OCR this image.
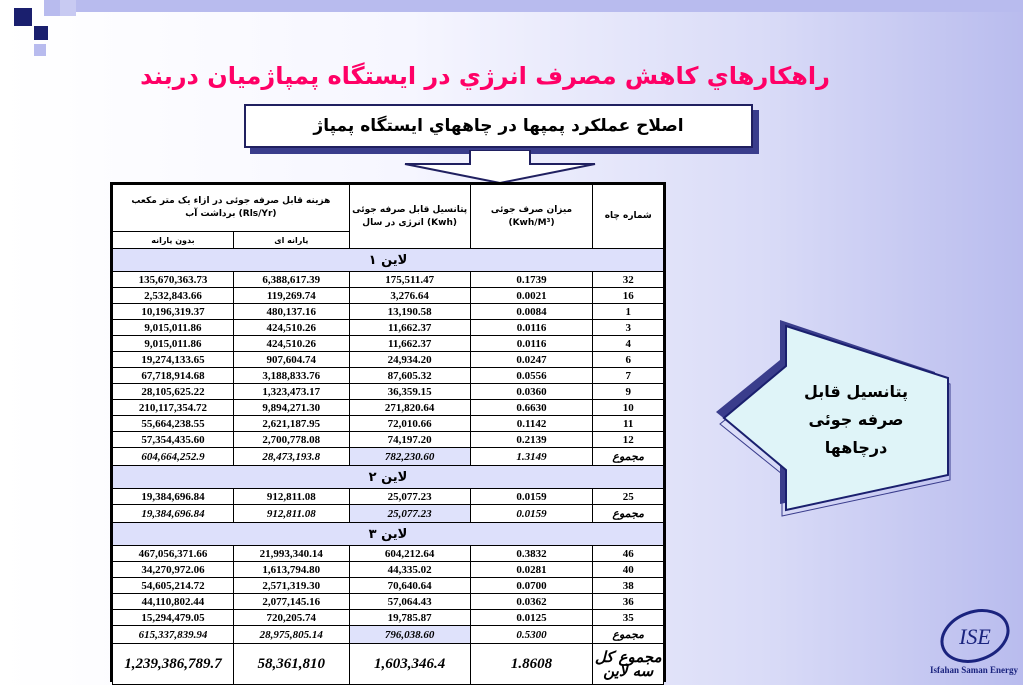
راهكارهاي كاهش مصرف انرژي در ايستگاه پمپاژميان دربند
اصلاح عملكرد پمپها در چاههاي ايستگاه پمپاژ
هزینه قابل صرفه جوئی در ازاء یک متر مکعب برداشت آب (Rls/Yr)		پتانسیل قابل صرفه جوئی انرژی در سال (Kwh)	میزان صرف جوئی (Kwh/M³)	شماره چاه
بدون یارانه	یارانه ای			
لاین ۱				
135,670,363.73	6,388,617.39	175,511.47	0.1739	32
2,532,843.66	119,269.74	3,276.64	0.0021	16
10,196,319.37	480,137.16	13,190.58	0.0084	1
9,015,011.86	424,510.26	11,662.37	0.0116	3
9,015,011.86	424,510.26	11,662.37	0.0116	4
19,274,133.65	907,604.74	24,934.20	0.0247	6
67,718,914.68	3,188,833.76	87,605.32	0.0556	7
28,105,625.22	1,323,473.17	36,359.15	0.0360	9
210,117,354.72	9,894,271.30	271,820.64	0.6630	10
55,664,238.55	2,621,187.95	72,010.66	0.1142	11
57,354,435.60	2,700,778.08	74,197.20	0.2139	12
604,664,252.9	28,473,193.8	782,230.60	1.3149	مجموع
لاین ۲				
19,384,696.84	912,811.08	25,077.23	0.0159	25
19,384,696.84	912,811.08	25,077.23	0.0159	مجموع
لاین ۳				
467,056,371.66	21,993,340.14	604,212.64	0.3832	46
34,270,972.06	1,613,794.80	44,335.02	0.0281	40
54,605,214.72	2,571,319.30	70,640.64	0.0700	38
44,110,802.44	2,077,145.16	57,064.43	0.0362	36
15,294,479.05	720,205.74	19,785.87	0.0125	35
615,337,839.94	28,975,805.14	796,038.60	0.5300	مجموع
1,239,386,789.7	58,361,810	1,603,346.4	1.8608	مجموع کل سه لاین
پتانسیل قابل
صرفه جوئی
درچاهها
ISE
Isfahan Saman Energy
